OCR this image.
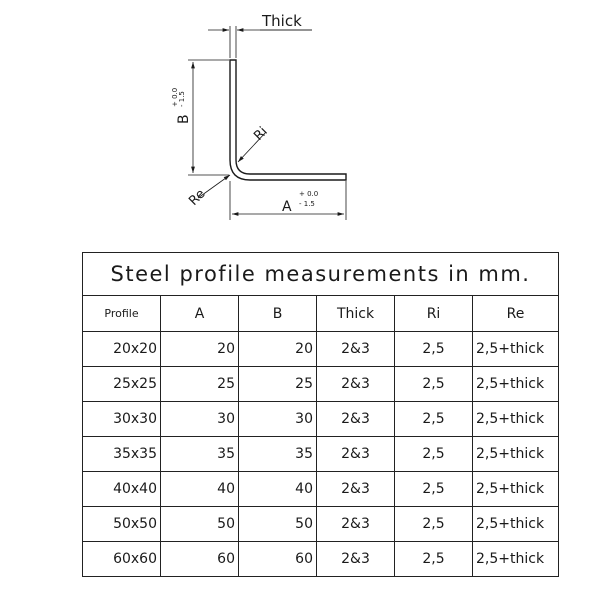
Thick
B
+ 0.0 - 1.5
A
+ 0.0
- 1.5
Ri
Re
Steel profile measurements in mm.					
Profile	A	B	Thick	Ri	Re
20x20	20	20	2&3	2,5	2,5+thick
25x25	25	25	2&3	2,5	2,5+thick
30x30	30	30	2&3	2,5	2,5+thick
35x35	35	35	2&3	2,5	2,5+thick
40x40	40	40	2&3	2,5	2,5+thick
50x50	50	50	2&3	2,5	2,5+thick
60x60	60	60	2&3	2,5	2,5+thick
